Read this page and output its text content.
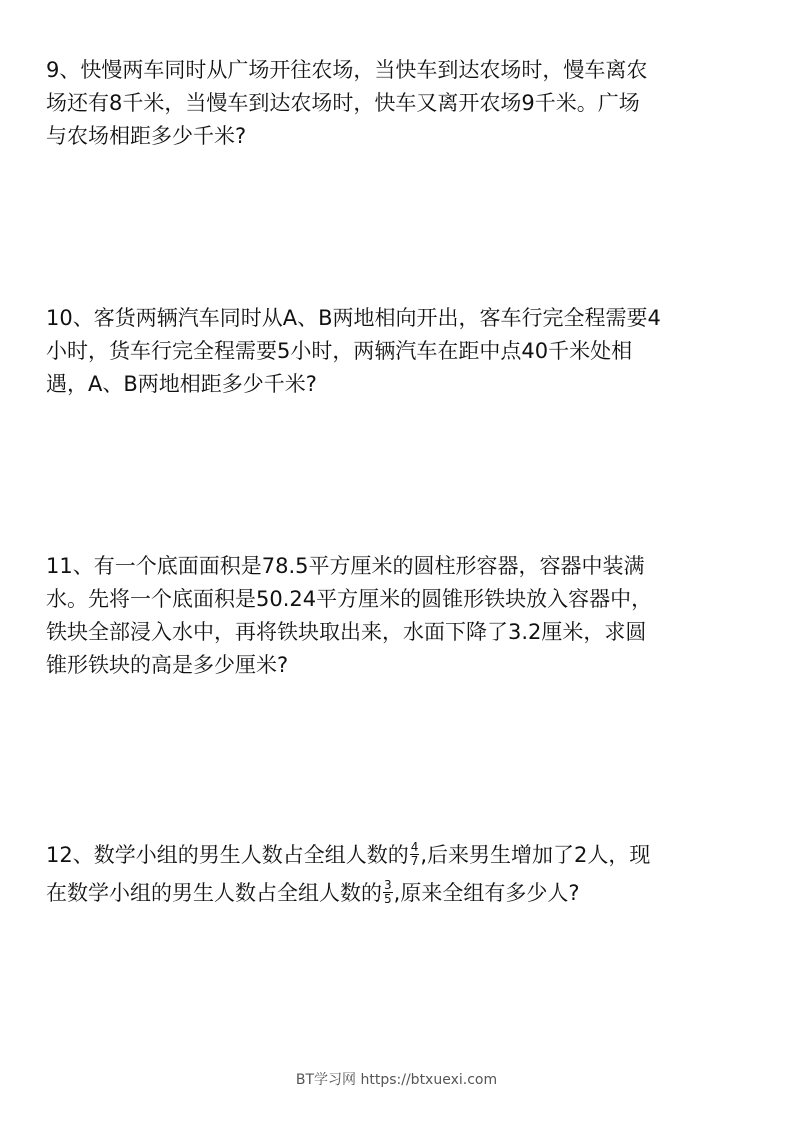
9、快慢两车同时从广场开往农场，当快车到达农场时，慢车离农
场还有8千米，当慢车到达农场时，快车又离开农场9千米。广场
与农场相距多少千米?
10、客货两辆汽车同时从A、B两地相向开出，客车行完全程需要4
小时，货车行完全程需要5小时，两辆汽车在距中点40千米处相
遇，A、B两地相距多少千米?
11、有一个底面面积是78.5平方厘米的圆柱形容器，容器中装满
水。先将一个底面积是50.24平方厘米的圆锥形铁块放入容器中，
铁块全部浸入水中，再将铁块取出来，水面下降了3.2厘米，求圆
锥形铁块的高是多少厘米?
12、数学小组的男生人数占全组人数的 $\frac{4}{7}$ ,后来男生增加了2人，现
在数学小组的男生人数占全组人数的 $\frac{3}{5}$ ,原来全组有多少人?
BT学习网 https://btxuexi.com
